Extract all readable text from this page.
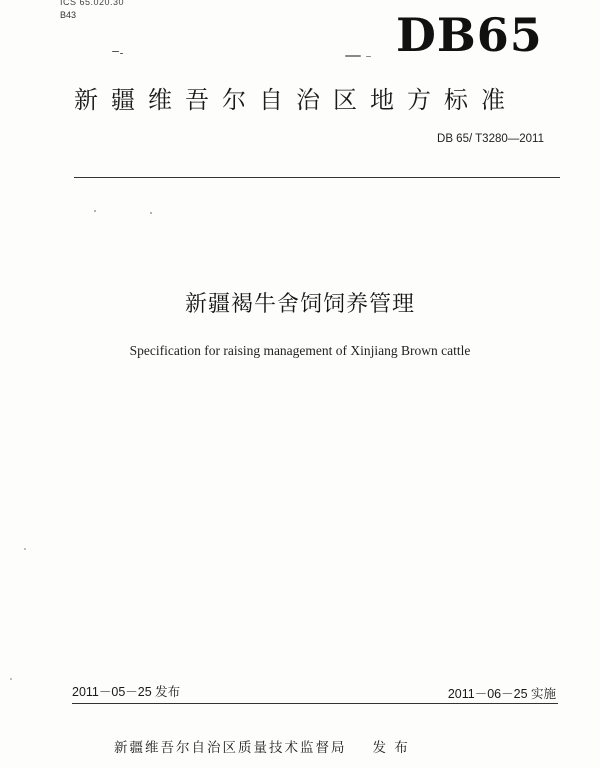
ICS 65.020.30
B43	DB65
新疆维吾尔自治区地方标准
DB 65/ T3280—2011
新疆褐牛舍饲饲养管理
Specification for raising management of Xinjiang Brown cattle
2011－05－25 发布	2011－06－25 实施
新疆维吾尔自治区质量技术监督局 发 布
